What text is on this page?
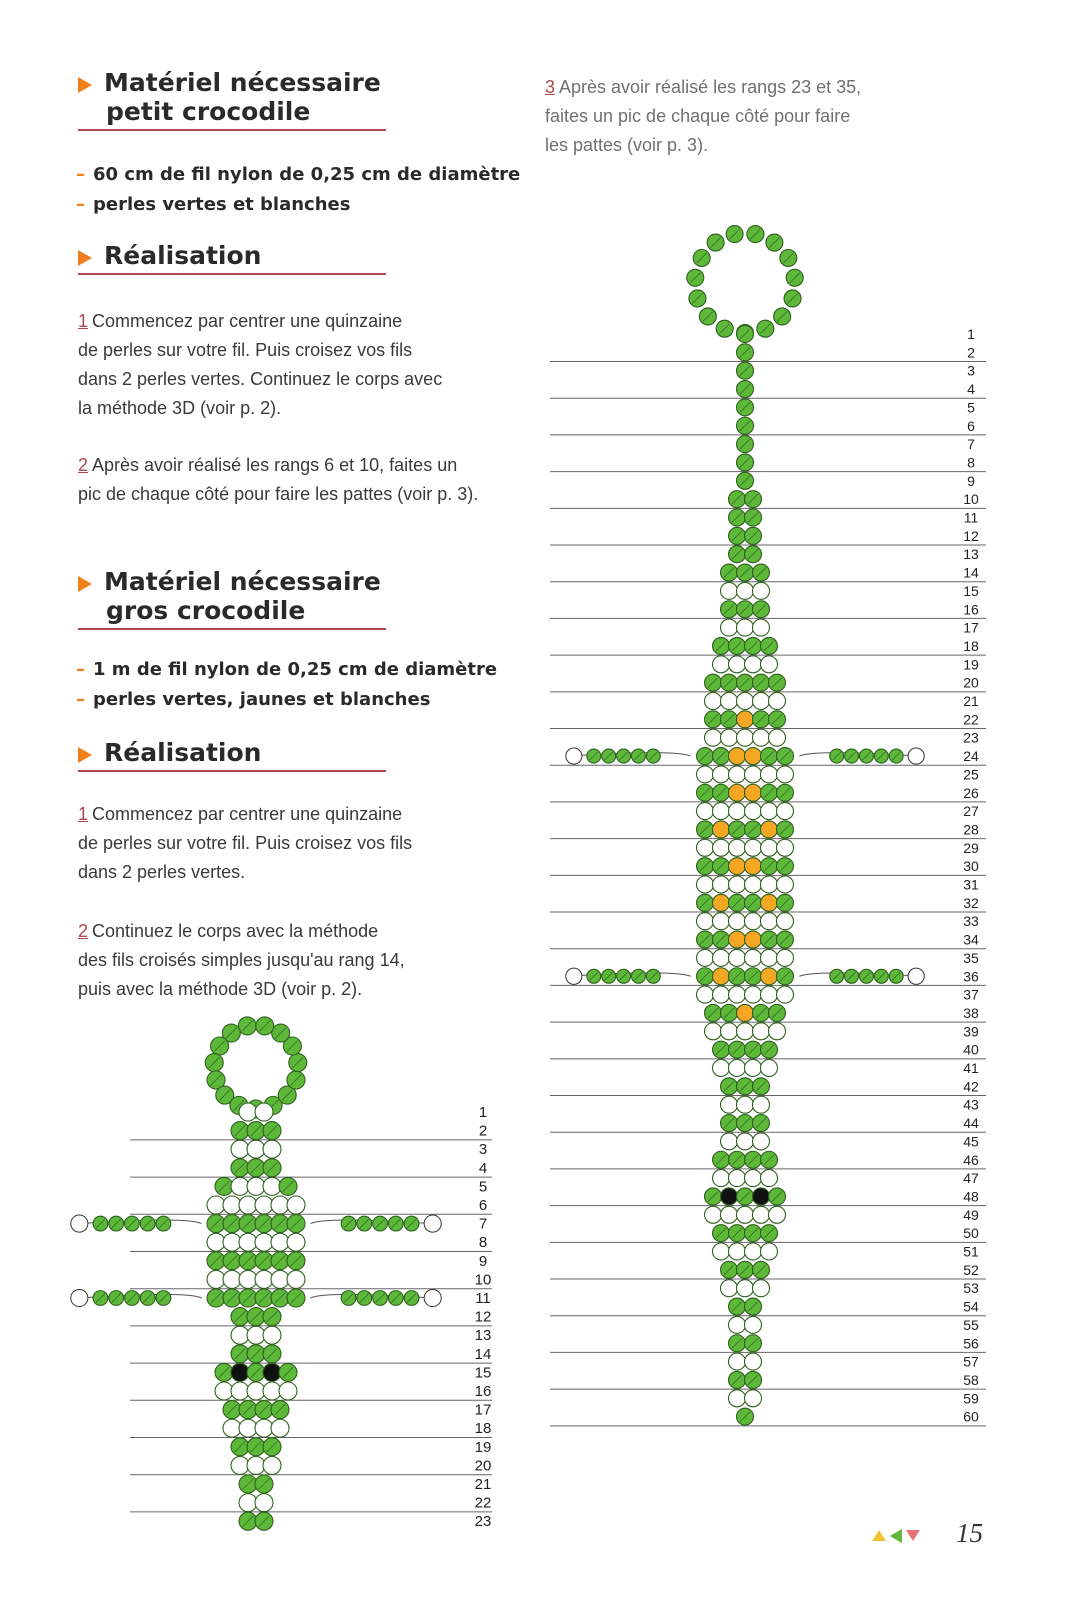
Matériel nécessaire
petit crocodile
– 60 cm de fil nylon de 0,25 cm de diamètre
– perles vertes et blanches
Réalisation
1 Commencez par centrer une quinzaine
de perles sur votre fil. Puis croisez vos fils
dans 2 perles vertes. Continuez le corps avec
la méthode 3D (voir p. 2).
2 Après avoir réalisé les rangs 6 et 10, faites un
pic de chaque côté pour faire les pattes (voir p. 3).
Matériel nécessaire
gros crocodile
– 1 m de fil nylon de 0,25 cm de diamètre
– perles vertes, jaunes et blanches
Réalisation
1 Commencez par centrer une quinzaine
de perles sur votre fil. Puis croisez vos fils
dans 2 perles vertes.
2 Continuez le corps avec la méthode
des fils croisés simples jusqu'au rang 14,
puis avec la méthode 3D (voir p. 2).
3 Après avoir réalisé les rangs 23 et 35,
faites un pic de chaque côté pour faire
les pattes (voir p. 3).
1
2
3
4
5
6
7
8
9
10
11
12
13
14
15
16
17
18
19
20
21
22
23
1
2
3
4
5
6
7
8
9
10
11
12
13
14
15
16
17
18
19
20
21
22
23
24
25
26
27
28
29
30
31
32
33
34
35
36
37
38
39
40
41
42
43
44
45
46
47
48
49
50
51
52
53
54
55
56
57
58
59
60
15
